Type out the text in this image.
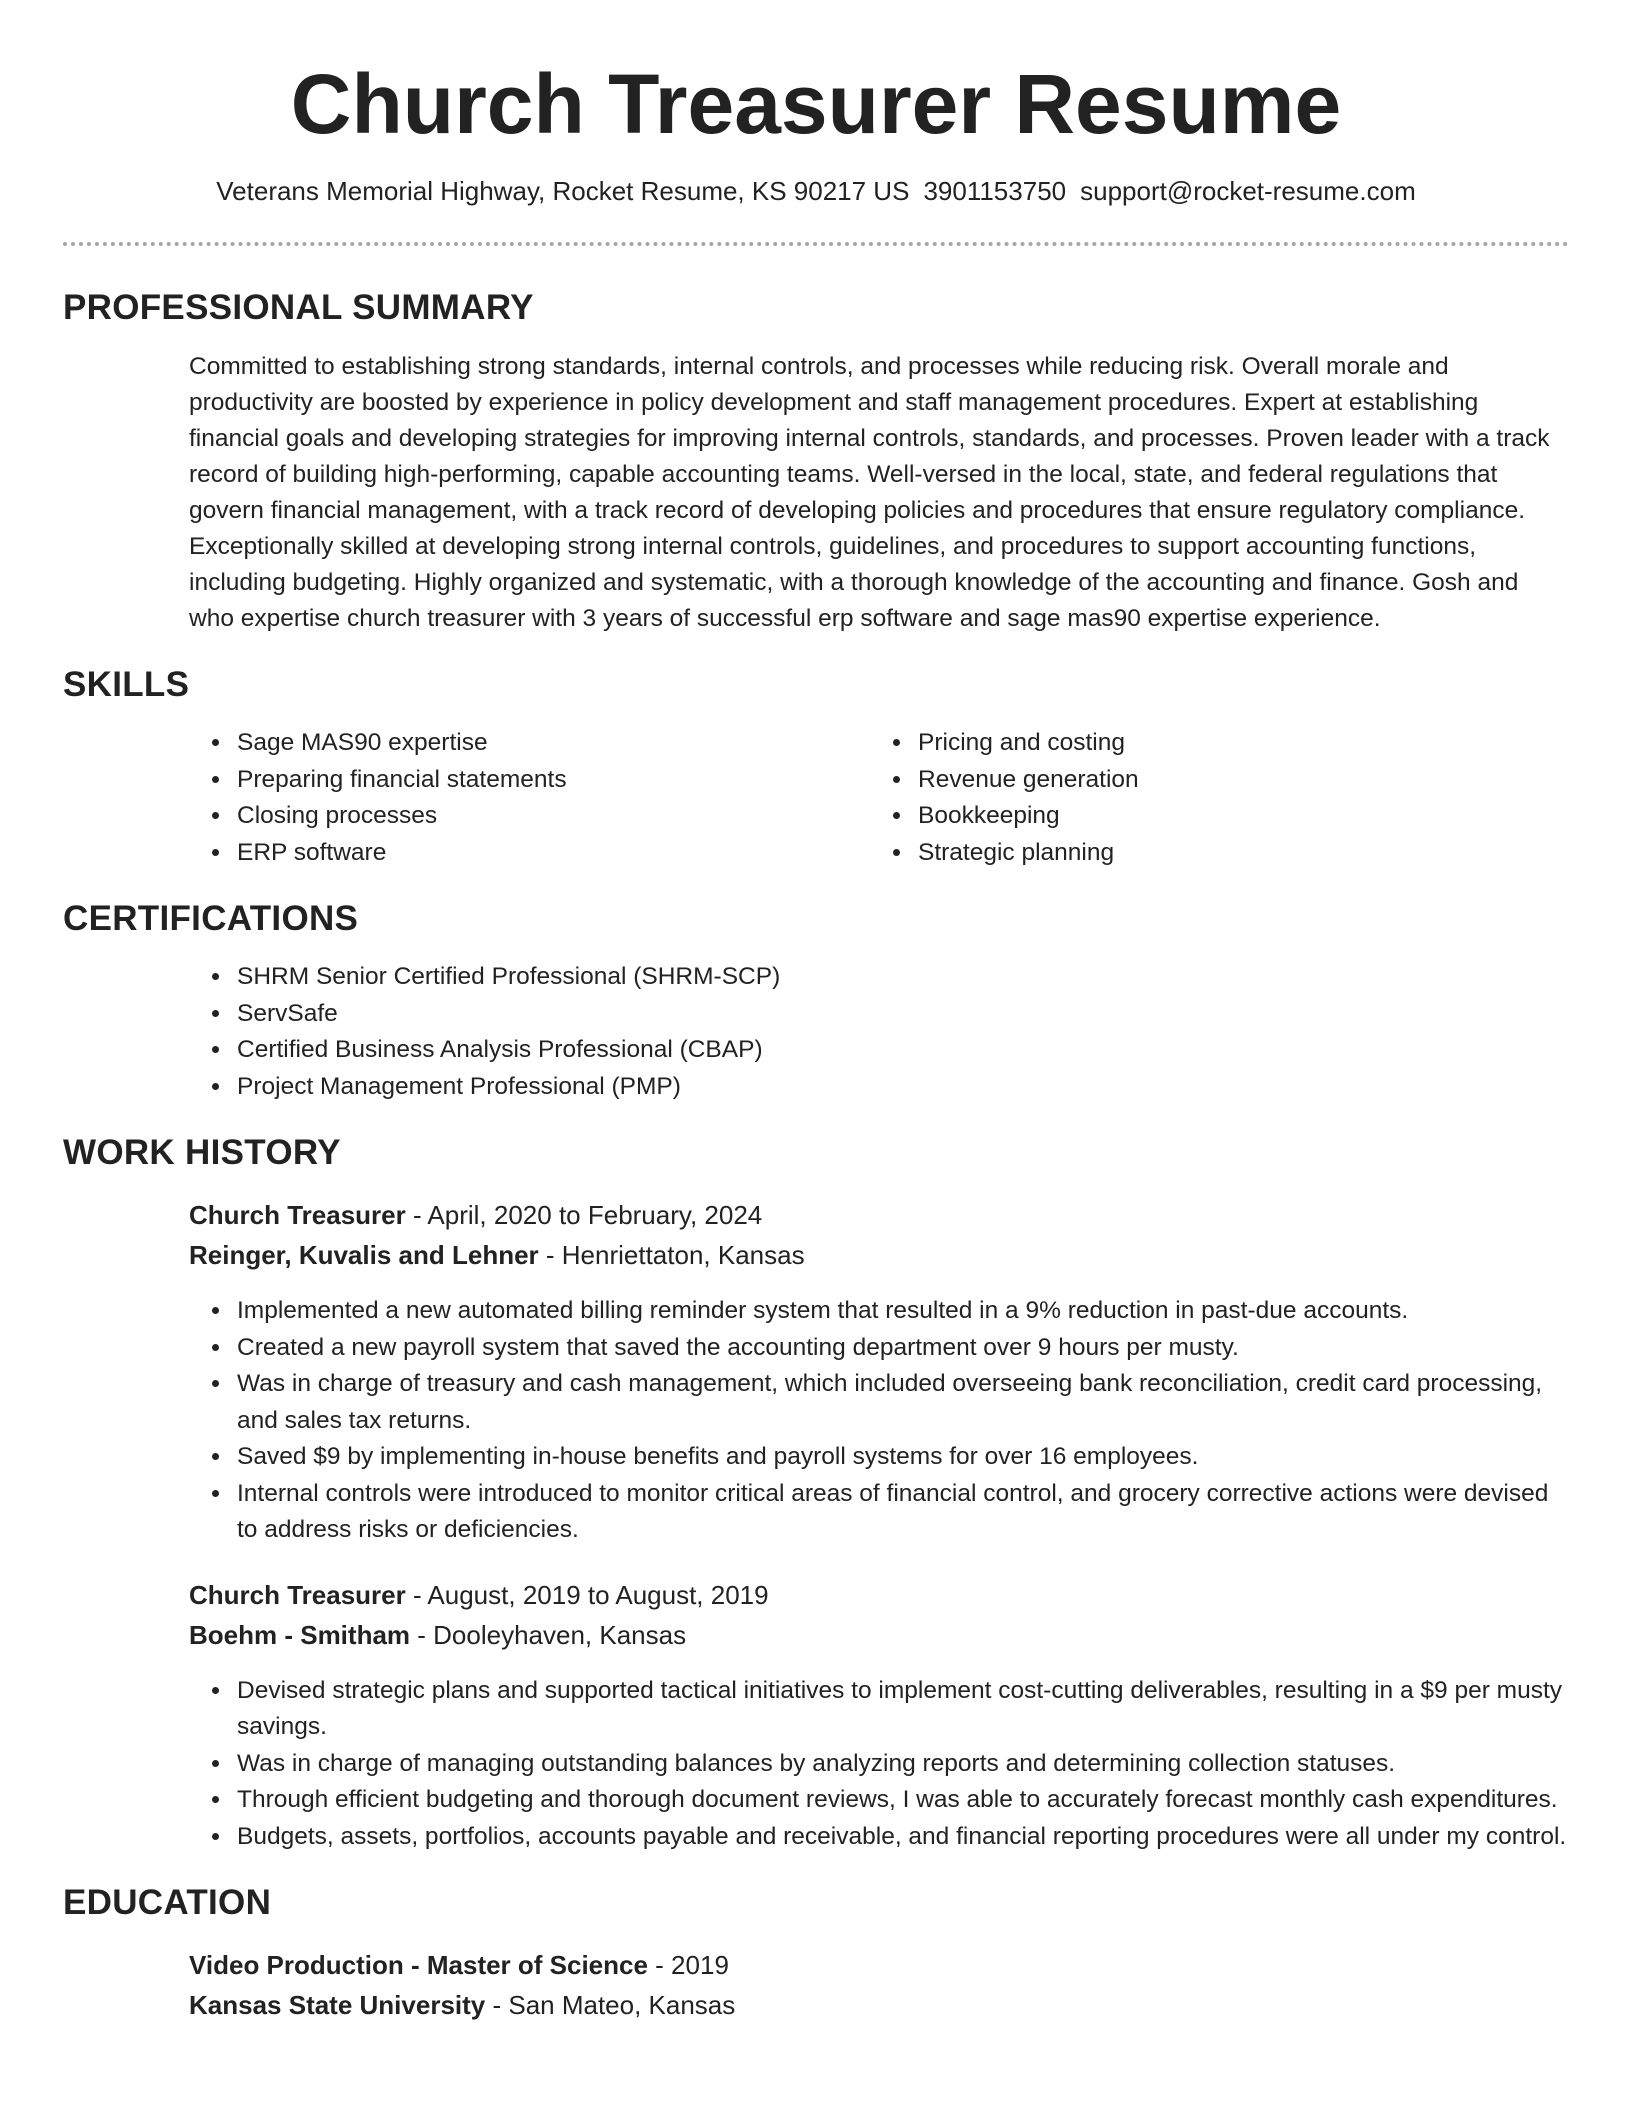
Church Treasurer Resume
Veterans Memorial Highway, Rocket Resume, KS 90217 US 3901153750 support@rocket-resume.com
PROFESSIONAL SUMMARY
Committed to establishing strong standards, internal controls, and processes while reducing risk. Overall morale and productivity are boosted by experience in policy development and staff management procedures. Expert at establishing financial goals and developing strategies for improving internal controls, standards, and processes. Proven leader with a track record of building high-performing, capable accounting teams. Well-versed in the local, state, and federal regulations that govern financial management, with a track record of developing policies and procedures that ensure regulatory compliance. Exceptionally skilled at developing strong internal controls, guidelines, and procedures to support accounting functions, including budgeting. Highly organized and systematic, with a thorough knowledge of the accounting and finance. Gosh and who expertise church treasurer with 3 years of successful erp software and sage mas90 expertise experience.
SKILLS
• Sage MAS90 expertise
• Preparing financial statements
• Closing processes
• ERP software
• Pricing and costing
• Revenue generation
• Bookkeeping
• Strategic planning
CERTIFICATIONS
• SHRM Senior Certified Professional (SHRM-SCP)
• ServSafe
• Certified Business Analysis Professional (CBAP)
• Project Management Professional (PMP)
WORK HISTORY
Church Treasurer - April, 2020 to February, 2024
Reinger, Kuvalis and Lehner - Henriettaton, Kansas
• Implemented a new automated billing reminder system that resulted in a 9% reduction in past-due accounts.
• Created a new payroll system that saved the accounting department over 9 hours per musty.
• Was in charge of treasury and cash management, which included overseeing bank reconciliation, credit card processing, and sales tax returns.
• Saved $9 by implementing in-house benefits and payroll systems for over 16 employees.
• Internal controls were introduced to monitor critical areas of financial control, and grocery corrective actions were devised to address risks or deficiencies.
Church Treasurer - August, 2019 to August, 2019
Boehm - Smitham - Dooleyhaven, Kansas
• Devised strategic plans and supported tactical initiatives to implement cost-cutting deliverables, resulting in a $9 per musty savings.
• Was in charge of managing outstanding balances by analyzing reports and determining collection statuses.
• Through efficient budgeting and thorough document reviews, I was able to accurately forecast monthly cash expenditures.
• Budgets, assets, portfolios, accounts payable and receivable, and financial reporting procedures were all under my control.
EDUCATION
Video Production - Master of Science - 2019
Kansas State University - San Mateo, Kansas
